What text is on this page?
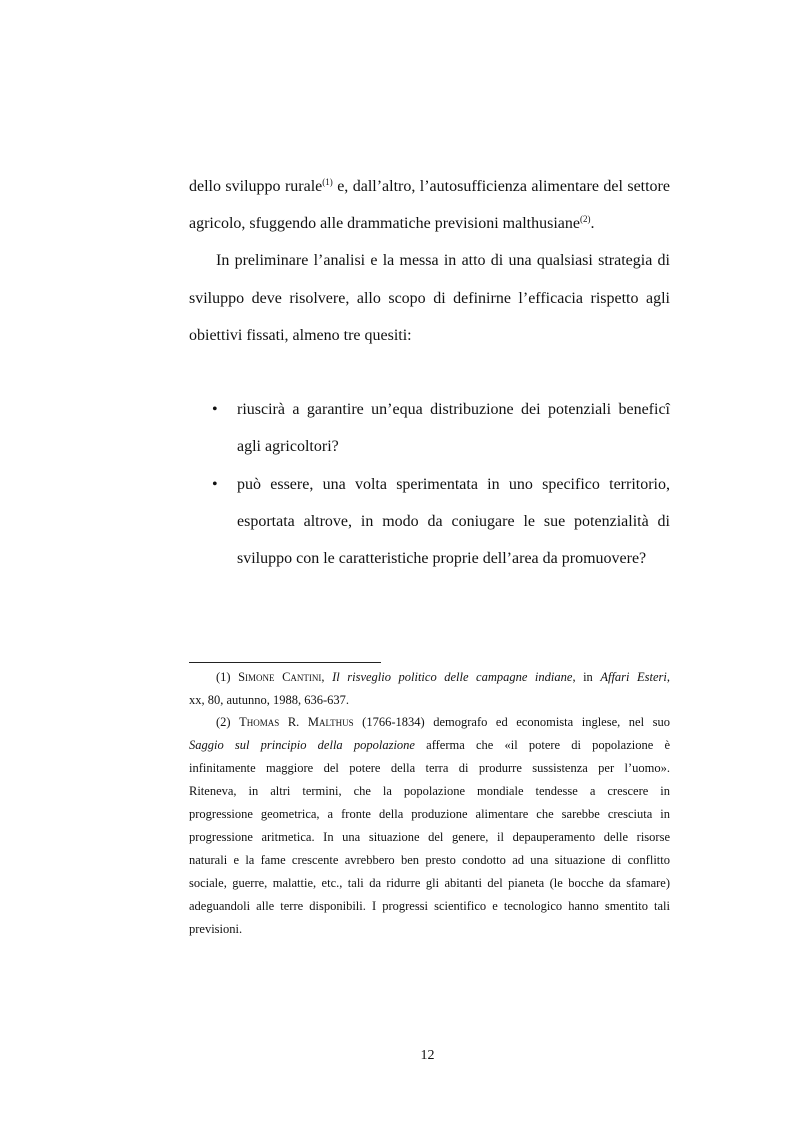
dello sviluppo rurale$^{(1)}$ e, dall’altro, l’autosufficienza alimentare del settore
agricolo, sfuggendo alle drammatiche previsioni malthusiane$^{(2)}$.
In preliminare l’analisi e la messa in atto di una qualsiasi strategia di
sviluppo deve risolvere, allo scopo di definirne l’efficacia rispetto agli
obiettivi fissati, almeno tre quesiti:
• riuscirà a garantire un’equa distribuzione dei potenziali beneficî
agli agricoltori?
• può essere, una volta sperimentata in uno specifico territorio,
esportata altrove, in modo da coniugare le sue potenzialità di
sviluppo con le caratteristiche proprie dell’area da promuovere?
(1) Simone Cantini, Il risveglio politico delle campagne indiane, in Affari Esteri,
xx, 80, autunno, 1988, 636-637.
(2) Thomas R. Malthus (1766-1834) demografo ed economista inglese, nel suo
Saggio sul principio della popolazione afferma che «il potere di popolazione è
infinitamente maggiore del potere della terra di produrre sussistenza per l’uomo».
Riteneva, in altri termini, che la popolazione mondiale tendesse a crescere in
progressione geometrica, a fronte della produzione alimentare che sarebbe cresciuta in
progressione aritmetica. In una situazione del genere, il depauperamento delle risorse
naturali e la fame crescente avrebbero ben presto condotto ad una situazione di conflitto
sociale, guerre, malattie, etc., tali da ridurre gli abitanti del pianeta (le bocche da sfamare)
adeguandoli alle terre disponibili. I progressi scientifico e tecnologico hanno smentito tali
previsioni.
12
